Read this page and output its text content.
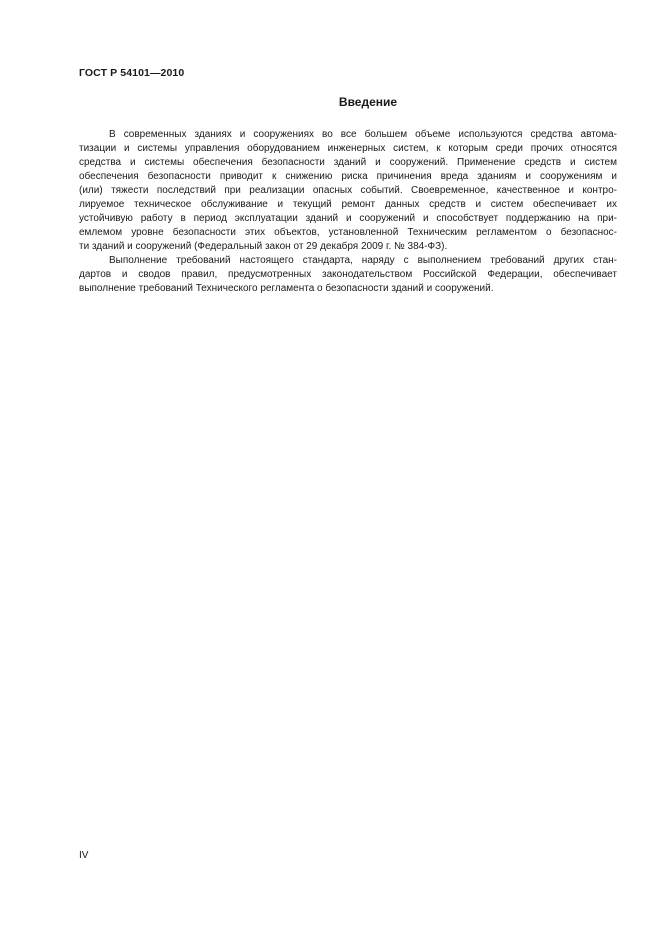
ГОСТ Р 54101—2010
Введение

В современных зданиях и сооружениях во все большем объеме используются средства автома-
тизации и системы управления оборудованием инженерных систем, к которым среди прочих относятся
средства и системы обеспечения безопасности зданий и сооружений. Применение средств и систем
обеспечения безопасности приводит к снижению риска причинения вреда зданиям и сооружениям и
(или) тяжести последствий при реализации опасных событий. Своевременное, качественное и контро-
лируемое техническое обслуживание и текущий ремонт данных средств и систем обеспечивает их
устойчивую работу в период эксплуатации зданий и сооружений и способствует поддержанию на при-
емлемом уровне безопасности этих объектов, установленной Техническим регламентом о безопаснос-
ти зданий и сооружений (Федеральный закон от 29 декабря 2009 г. № 384-ФЗ).

Выполнение требований настоящего стандарта, наряду с выполнением требований других стан-
дартов и сводов правил, предусмотренных законодательством Российской Федерации, обеспечивает
выполнение требований Технического регламента о безопасности зданий и сооружений.

IV
